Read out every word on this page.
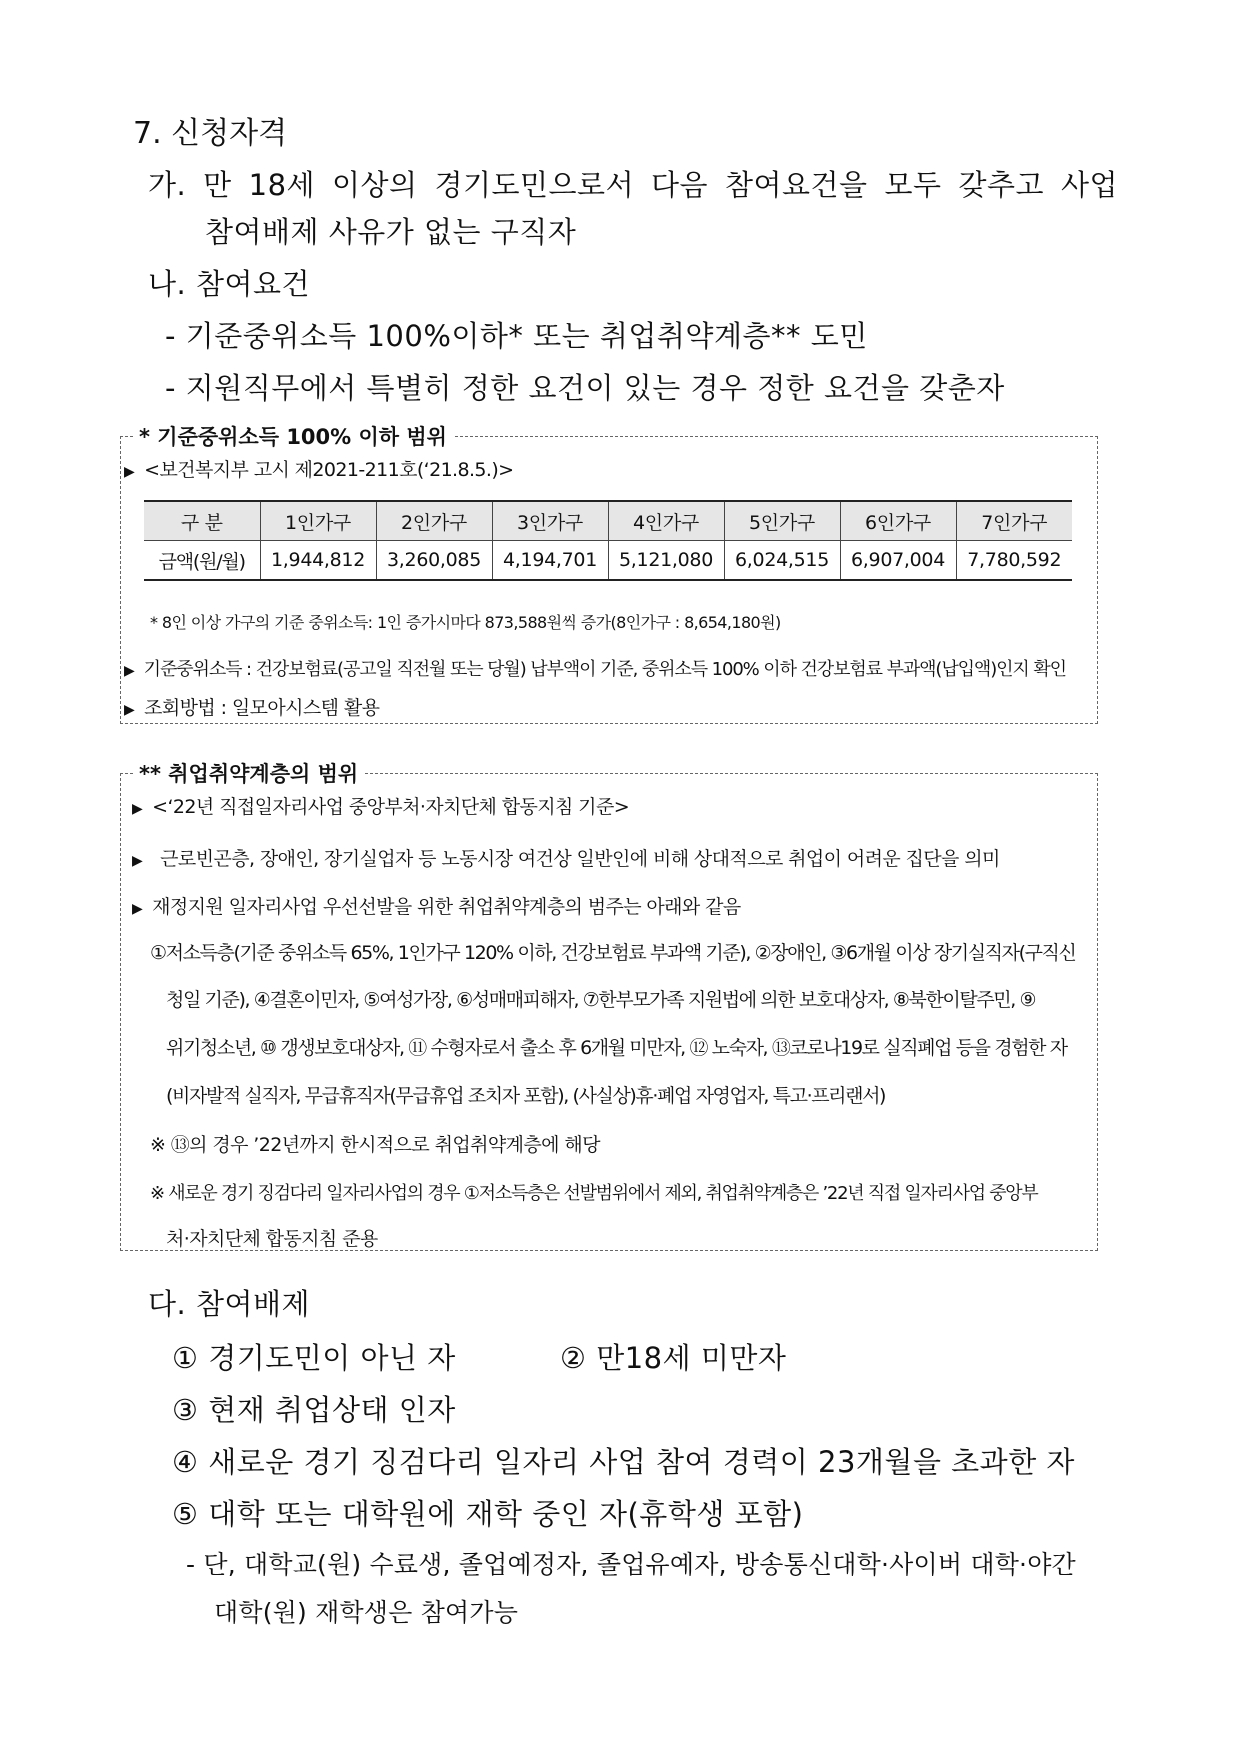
7. 신청자격
가. 만 18세 이상의 경기도민으로서 다음 참여요건을 모두 갖추고 사업
참여배제 사유가 없는 구직자
나. 참여요건
- 기준중위소득 100%이하* 또는 취업취약계층** 도민
- 지원직무에서 특별히 정한 요건이 있는 경우 정한 요건을 갖춘자
* 기준중위소득 100% 이하 범위
▶ <보건복지부 고시 제2021-211호(‘21.8.5.)>
구 분	1인가구	2인가구	3인가구	4인가구	5인가구	6인가구	7인가구
금액(원/월)	1,944,812	3,260,085	4,194,701	5,121,080	6,024,515	6,907,004	7,780,592
* 8인 이상 가구의 기준 중위소득: 1인 증가시마다 873,588원씩 증가(8인가구 : 8,654,180원)
▶ 기준중위소득 : 건강보험료(공고일 직전월 또는 당월) 납부액이 기준, 중위소득 100% 이하 건강보험료 부과액(납입액)인지 확인
▶ 조회방법 : 일모아시스템 활용
** 취업취약계층의 범위
▶ <‘22년 직접일자리사업 중앙부처·자치단체 합동지침 기준>
▶ 근로빈곤층, 장애인, 장기실업자 등 노동시장 여건상 일반인에 비해 상대적으로 취업이 어려운 집단을 의미
▶ 재정지원 일자리사업 우선선발을 위한 취업취약계층의 범주는 아래와 같음
①저소득층(기준 중위소득 65%, 1인가구 120% 이하, 건강보험료 부과액 기준), ②장애인, ③6개월 이상 장기실직자(구직신
청일 기준), ④결혼이민자, ⑤여성가장, ⑥성매매피해자, ⑦한부모가족 지원법에 의한 보호대상자, ⑧북한이탈주민, ⑨
위기청소년, ⑩ 갱생보호대상자, ⑪ 수형자로서 출소 후 6개월 미만자, ⑫ 노숙자, ⑬코로나19로 실직폐업 등을 경험한 자
(비자발적 실직자, 무급휴직자(무급휴업 조치자 포함), (사실상)휴·폐업 자영업자, 특고·프리랜서)
※ ⑬의 경우 ’22년까지 한시적으로 취업취약계층에 해당
※ 새로운 경기 징검다리 일자리사업의 경우 ①저소득층은 선발범위에서 제외, 취업취약계층은 ’22년 직접 일자리사업 중앙부
처·자치단체 합동지침 준용
다. 참여배제
① 경기도민이 아닌 자	② 만18세 미만자
③ 현재 취업상태 인자
④ 새로운 경기 징검다리 일자리 사업 참여 경력이 23개월을 초과한 자
⑤ 대학 또는 대학원에 재학 중인 자(휴학생 포함)
- 단, 대학교(원) 수료생, 졸업예정자, 졸업유예자, 방송통신대학·사이버 대학·야간
대학(원) 재학생은 참여가능
